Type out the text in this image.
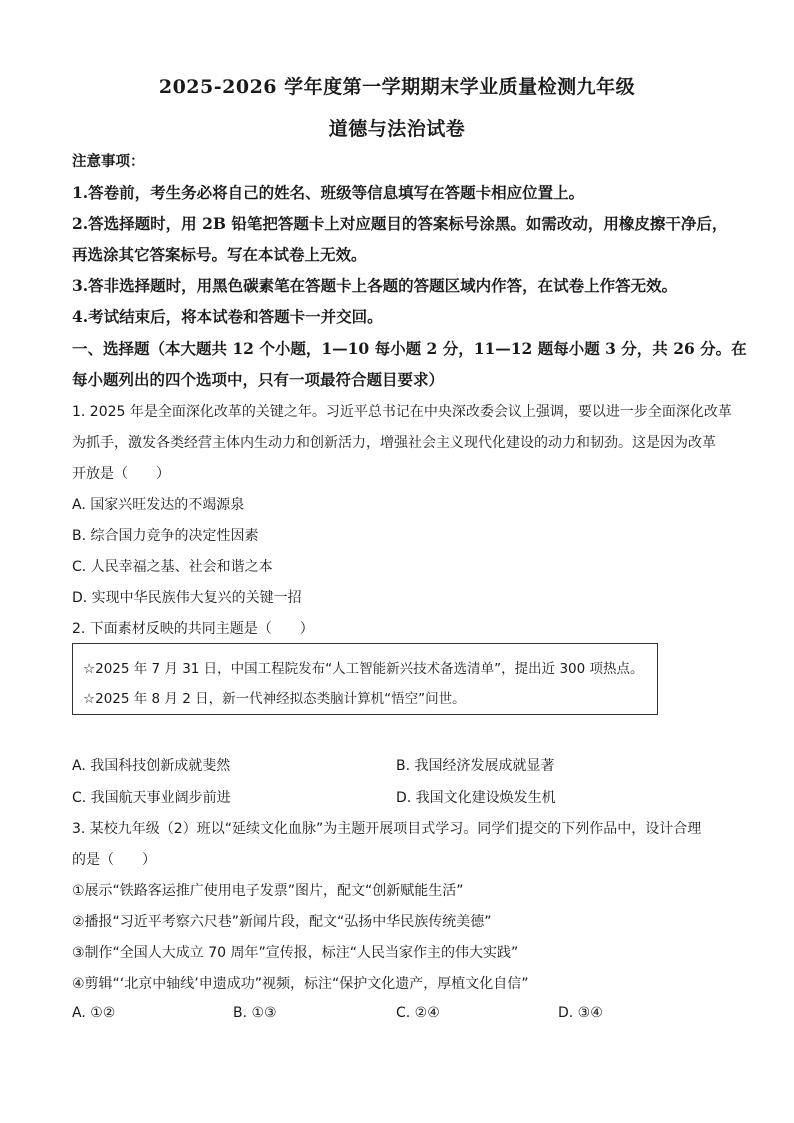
2025-2026 学年度第一学期期末学业质量检测九年级
道德与法治试卷
注意事项：
1.答卷前，考生务必将自己的姓名、班级等信息填写在答题卡相应位置上。
2.答选择题时，用 2B 铅笔把答题卡上对应题目的答案标号涂黑。如需改动，用橡皮擦干净后，
再选涂其它答案标号。写在本试卷上无效。
3.答非选择题时，用黑色碳素笔在答题卡上各题的答题区域内作答，在试卷上作答无效。
4.考试结束后，将本试卷和答题卡一并交回。
一、选择题（本大题共 12 个小题，1—10 每小题 2 分，11—12 题每小题 3 分，共 26 分。在
每小题列出的四个选项中，只有一项最符合题目要求）
1. 2025 年是全面深化改革的关键之年。习近平总书记在中央深改委会议上强调，要以进一步全面深化改革
为抓手，激发各类经营主体内生动力和创新活力，增强社会主义现代化建设的动力和韧劲。这是因为改革
开放是（　　）
A. 国家兴旺发达的不竭源泉
B. 综合国力竞争的决定性因素
C. 人民幸福之基、社会和谐之本
D. 实现中华民族伟大复兴的关键一招
2. 下面素材反映的共同主题是（　　）
☆2025 年 7 月 31 日，中国工程院发布“人工智能新兴技术备选清单”，提出近 300 项热点。
☆2025 年 8 月 2 日，新一代神经拟态类脑计算机“悟空”问世。
A. 我国科技创新成就斐然	B. 我国经济发展成就显著
C. 我国航天事业阔步前进	D. 我国文化建设焕发生机
3. 某校九年级（2）班以“延续文化血脉”为主题开展项目式学习。同学们提交的下列作品中，设计合理
的是（　　）
①展示“铁路客运推广使用电子发票”图片，配文“创新赋能生活”
②播报“习近平考察六尺巷”新闻片段，配文“弘扬中华民族传统美德”
③制作“全国人大成立 70 周年”宣传报，标注“人民当家作主的伟大实践”
④剪辑“‘北京中轴线’申遗成功”视频，标注“保护文化遗产，厚植文化自信”
A. ①②	B. ①③	C. ②④	D. ③④
